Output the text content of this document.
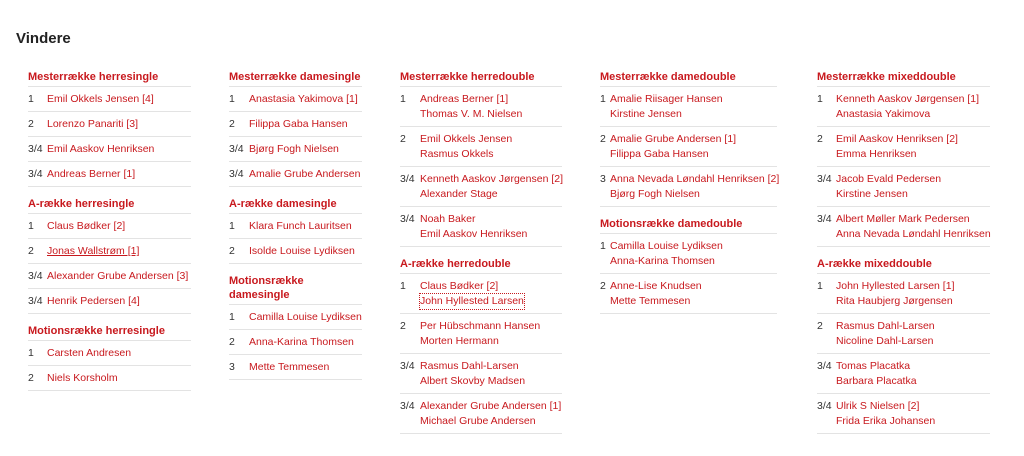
Vindere
Mesterrække herresingle
1	Emil Okkels Jensen [4]
2	Lorenzo Panariti [3]
3/4 Emil Aaskov Henriksen
3/4 Andreas Berner [1]
A-række herresingle
1	Claus Bødker [2]
2	Jonas Wallstrøm [1]
3/4 Alexander Grube Andersen [3]
3/4 Henrik Pedersen [4]
Motionsrække herresingle
1	Carsten Andresen
2	Niels Korsholm
Mesterrække damesingle
1	Anastasia Yakimova [1]
2	Filippa Gaba Hansen
3/4 Bjørg Fogh Nielsen
3/4 Amalie Grube Andersen
A-række damesingle
1	Klara Funch Lauritsen
2	Isolde Louise Lydiksen
Motionsrække damesingle
1	Camilla Louise Lydiksen
2	Anna-Karina Thomsen
3	Mette Temmesen
Mesterrække herredouble
1	Andreas Berner [1]
Thomas V. M. Nielsen
2	Emil Okkels Jensen
Rasmus Okkels
3/4 Kenneth Aaskov Jørgensen [2]
Alexander Stage
3/4 Noah Baker
Emil Aaskov Henriksen
A-række herredouble
1	Claus Bødker [2]
John Hyllested Larsen
2	Per Hübschmann Hansen
Morten Hermann
3/4 Rasmus Dahl-Larsen
Albert Skovby Madsen
3/4 Alexander Grube Andersen [1]
Michael Grube Andersen
Mesterrække damedouble
1 Amalie Riisager Hansen
Kirstine Jensen
2 Amalie Grube Andersen [1]
Filippa Gaba Hansen
3 Anna Nevada Løndahl Henriksen [2]
Bjørg Fogh Nielsen
Motionsrække damedouble
1 Camilla Louise Lydiksen
Anna-Karina Thomsen
2 Anne-Lise Knudsen
Mette Temmesen
Mesterrække mixeddouble
1	Kenneth Aaskov Jørgensen [1]
Anastasia Yakimova
2	Emil Aaskov Henriksen [2]
Emma Henriksen
3/4 Jacob Evald Pedersen
Kirstine Jensen
3/4 Albert Møller Mark Pedersen
Anna Nevada Løndahl Henriksen
A-række mixeddouble
1	John Hyllested Larsen [1]
Rita Haubjerg Jørgensen
2	Rasmus Dahl-Larsen
Nicoline Dahl-Larsen
3/4 Tomas Placatka
Barbara Placatka
3/4 Ulrik S Nielsen [2]
Frida Erika Johansen
